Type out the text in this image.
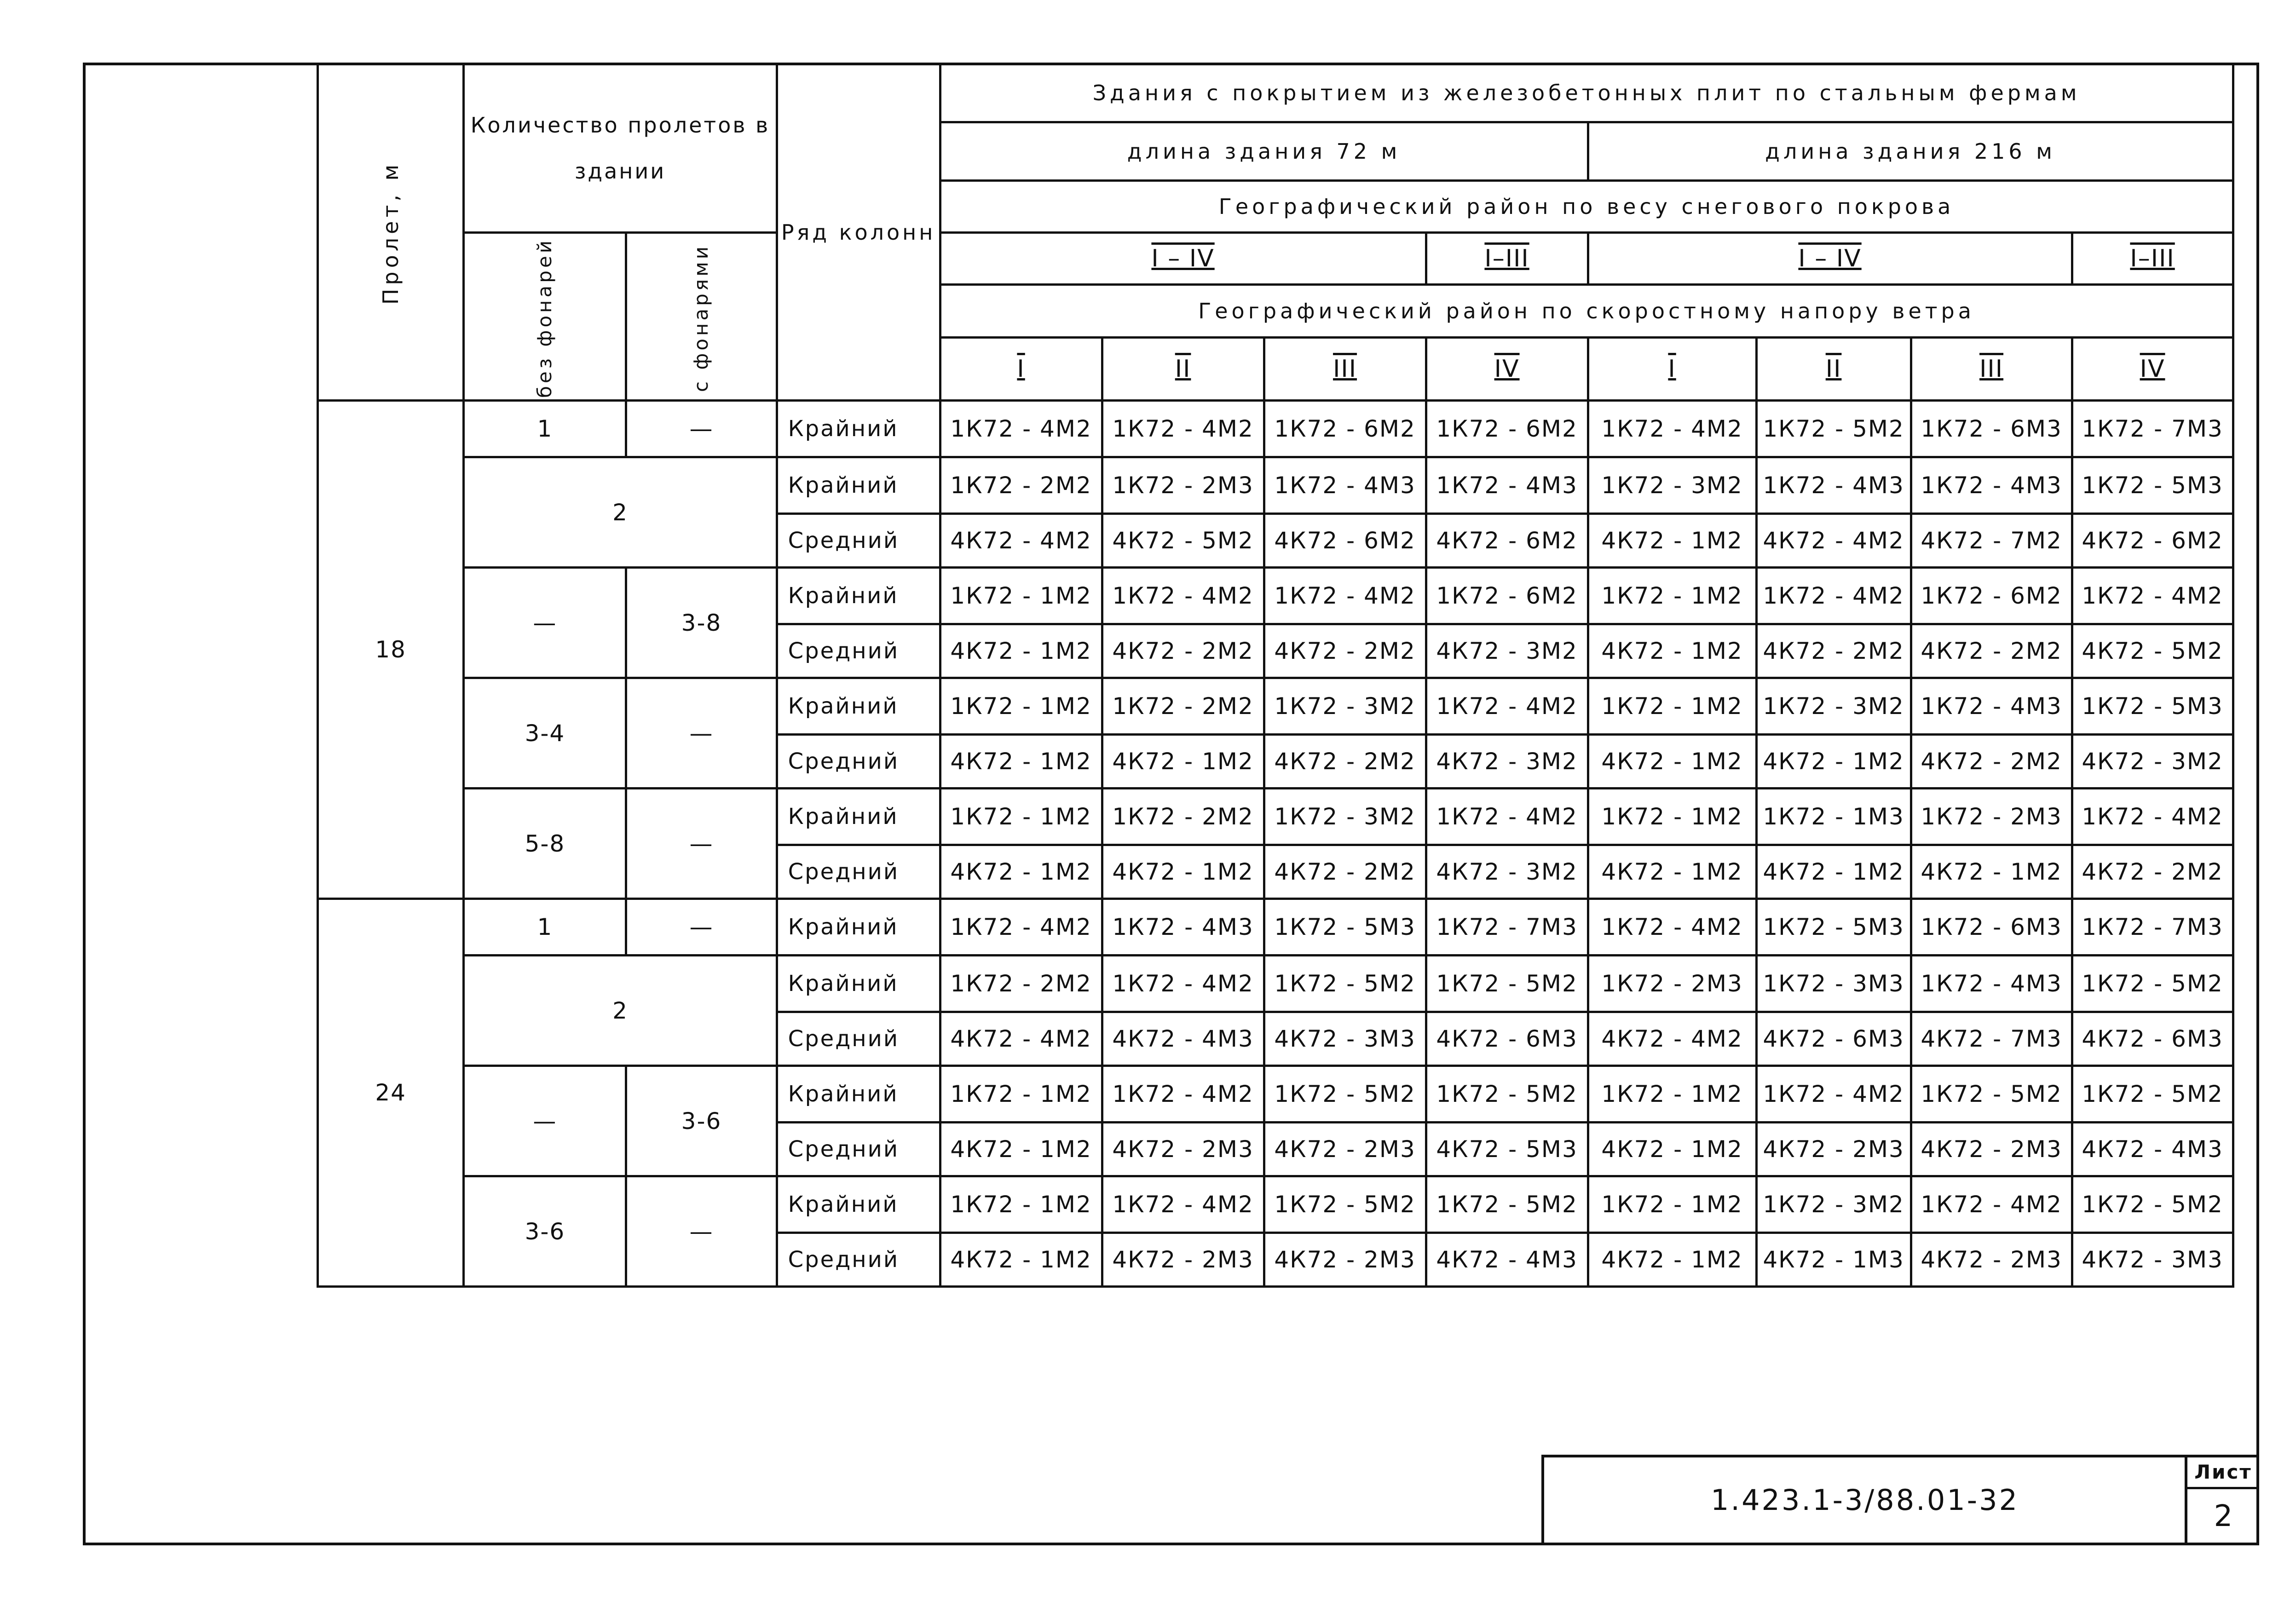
Пролет, м	Количество пролетов в здании		Ряд колонн	Здания с покрытием из железобетонных плит по стальным фермам							
				длина здания 72 м				длина здания 216 м			
				Географический район по весу снегового покрова							
	без фонарей	с фонарями		I – IV			I–III	I – IV			I–III
				Географический район по скоростному напору ветра							
				I	II	III	IV	I	II	III	IV
18	1	—	Крайний	1К72 - 4М2	1К72 - 4М2	1К72 - 6М2	1К72 - 6М2	1К72 - 4М2	1К72 - 5М2	1К72 - 6М3	1К72 - 7М3
	2		Крайний	1К72 - 2М2	1К72 - 2М3	1К72 - 4М3	1К72 - 4М3	1К72 - 3М2	1К72 - 4М3	1К72 - 4М3	1К72 - 5М3
			Средний	4К72 - 4М2	4К72 - 5М2	4К72 - 6М2	4К72 - 6М2	4К72 - 1М2	4К72 - 4М2	4К72 - 7М2	4К72 - 6М2
	—	3-8	Крайний	1К72 - 1М2	1К72 - 4М2	1К72 - 4М2	1К72 - 6М2	1К72 - 1М2	1К72 - 4М2	1К72 - 6М2	1К72 - 4М2
			Средний	4К72 - 1М2	4К72 - 2М2	4К72 - 2М2	4К72 - 3М2	4К72 - 1М2	4К72 - 2М2	4К72 - 2М2	4К72 - 5М2
	3-4	—	Крайний	1К72 - 1М2	1К72 - 2М2	1К72 - 3М2	1К72 - 4М2	1К72 - 1М2	1К72 - 3М2	1К72 - 4М3	1К72 - 5М3
			Средний	4К72 - 1М2	4К72 - 1М2	4К72 - 2М2	4К72 - 3М2	4К72 - 1М2	4К72 - 1М2	4К72 - 2М2	4К72 - 3М2
	5-8	—	Крайний	1К72 - 1М2	1К72 - 2М2	1К72 - 3М2	1К72 - 4М2	1К72 - 1М2	1К72 - 1М3	1К72 - 2М3	1К72 - 4М2
			Средний	4К72 - 1М2	4К72 - 1М2	4К72 - 2М2	4К72 - 3М2	4К72 - 1М2	4К72 - 1М2	4К72 - 1М2	4К72 - 2М2
24	1	—	Крайний	1К72 - 4М2	1К72 - 4М3	1К72 - 5М3	1К72 - 7М3	1К72 - 4М2	1К72 - 5М3	1К72 - 6М3	1К72 - 7М3
	2		Крайний	1К72 - 2М2	1К72 - 4М2	1К72 - 5М2	1К72 - 5М2	1К72 - 2М3	1К72 - 3М3	1К72 - 4М3	1К72 - 5М2
			Средний	4К72 - 4М2	4К72 - 4М3	4К72 - 3М3	4К72 - 6М3	4К72 - 4М2	4К72 - 6М3	4К72 - 7М3	4К72 - 6М3
	—	3-6	Крайний	1К72 - 1М2	1К72 - 4М2	1К72 - 5М2	1К72 - 5М2	1К72 - 1М2	1К72 - 4М2	1К72 - 5М2	1К72 - 5М2
			Средний	4К72 - 1М2	4К72 - 2М3	4К72 - 2М3	4К72 - 5М3	4К72 - 1М2	4К72 - 2М3	4К72 - 2М3	4К72 - 4М3
	3-6	—	Крайний	1К72 - 1М2	1К72 - 4М2	1К72 - 5М2	1К72 - 5М2	1К72 - 1М2	1К72 - 3М2	1К72 - 4М2	1К72 - 5М2
			Средний	4К72 - 1М2	4К72 - 2М3	4К72 - 2М3	4К72 - 4М3	4К72 - 1М2	4К72 - 1М3	4К72 - 2М3	4К72 - 3М3
1.423.1-3/88.01-32
Лист
2
